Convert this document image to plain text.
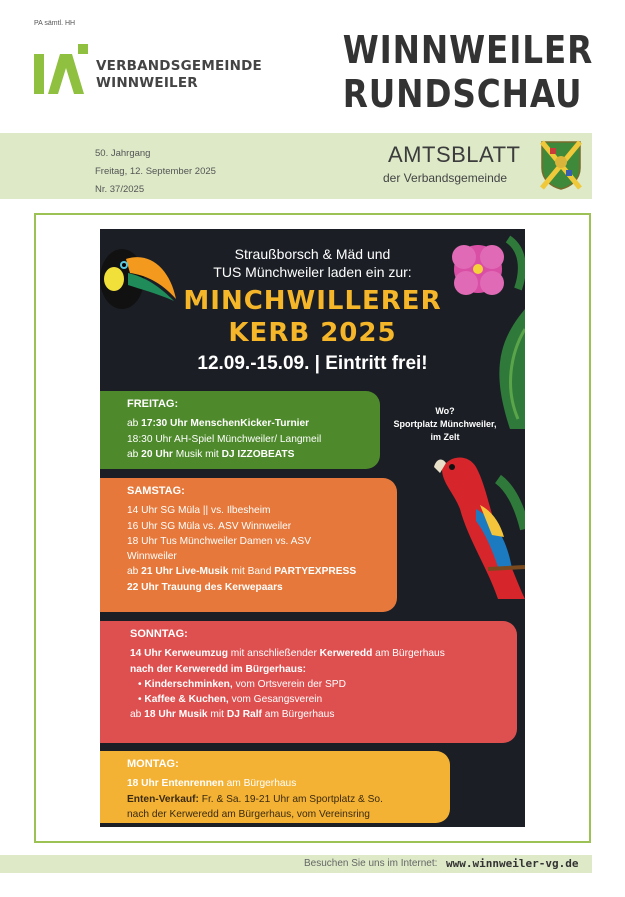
PA sämtl. HH
VERBANDSGEMEINDE
WINNWEILER
WINNWEILER
RUNDSCHAU
50. Jahrgang
Freitag, 12. September 2025
Nr. 37/2025
AMTSBLATT
der Verbandsgemeinde
Straußborsch & Mäd und
TUS Münchweiler laden ein zur:
MINCHWILLERER
KERB 2025
12.09.-15.09. | Eintritt frei!
Wo?
Sportplatz Münchweiler,
im Zelt
FREITAG:
ab 17:30 Uhr MenschenKicker-Turnier
18:30 Uhr AH-Spiel Münchweiler/ Langmeil
ab 20 Uhr Musik mit DJ IZZOBEATS
SAMSTAG:
14 Uhr SG Müla || vs. Ilbesheim
16 Uhr SG Müla vs. ASV Winnweiler
18 Uhr Tus Münchweiler Damen vs. ASV
Winnweiler
ab 21 Uhr Live-Musik mit Band PARTYEXPRESS
22 Uhr Trauung des Kerwepaars
SONNTAG:
14 Uhr Kerweumzug mit anschließender Kerweredd am Bürgerhaus
nach der Kerweredd im Bürgerhaus:
• Kinderschminken, vom Ortsverein der SPD
• Kaffee & Kuchen, vom Gesangsverein
ab 18 Uhr Musik mit DJ Ralf am Bürgerhaus
MONTAG:
18 Uhr Entenrennen am Bürgerhaus
Enten-Verkauf: Fr. & Sa. 19-21 Uhr am Sportplatz & So.
nach der Kerweredd am Bürgerhaus, vom Vereinsring
Besuchen Sie uns im Internet: www.winnweiler-vg.de
